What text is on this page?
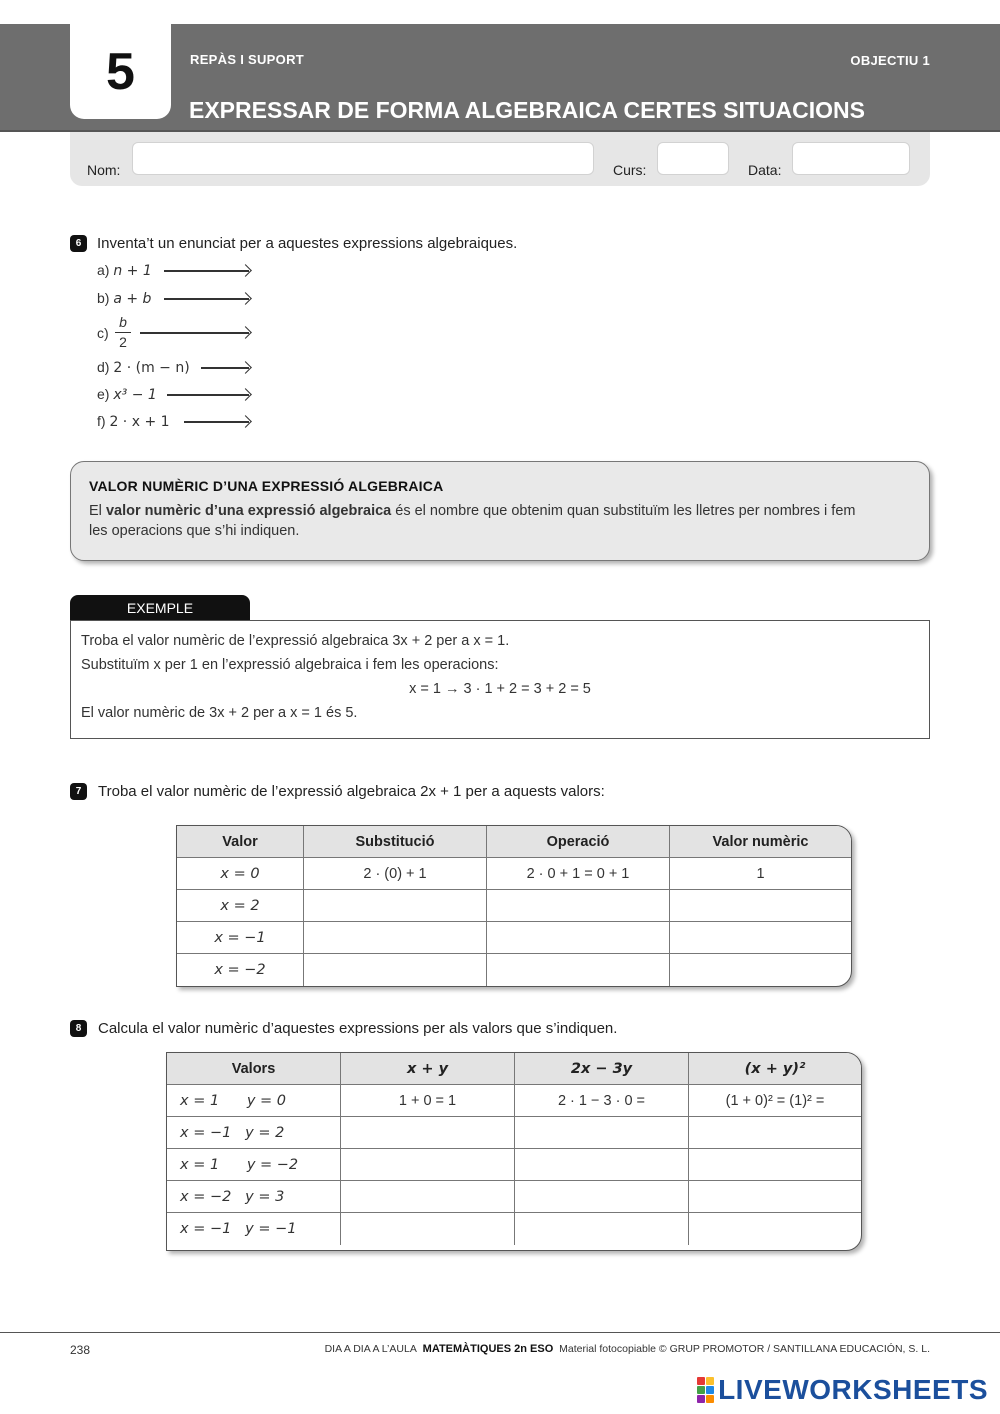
5	REPÀS I SUPORT	OBJECTIU 1
EXPRESSAR DE FORMA ALGEBRAICA CERTES SITUACIONS
Nom:	Curs:	Data:
6	Inventa’t un enunciat per a aquestes expressions algebraiques.
a) n + 1
b) a + b
c)
b
2
d) 2 · (m − n)
e) x³ − 1
f) 2 · x + 1
VALOR NUMÈRIC D’UNA EXPRESSIÓ ALGEBRAICA
El valor numèric d’una expressió algebraica és el nombre que obtenim quan substituïm les lletres per nombres i fem les operacions que s’hi indiquen.
EXEMPLE
Troba el valor numèric de l’expressió algebraica 3x + 2 per a x = 1.
Substituïm x per 1 en l’expressió algebraica i fem les operacions:
x = 1 → 3 · 1 + 2 = 3 + 2 = 5
El valor numèric de 3x + 2 per a x = 1 és 5.
7	Troba el valor numèric de l’expressió algebraica 2x + 1 per a aquests valors:
Valor	Substitució	Operació	Valor numèric
x = 0	2 · (0) + 1	2 · 0 + 1 = 0 + 1	1
x = 2			
x = −1			
x = −2			
8	Calcula el valor numèric d’aquestes expressions per als valors que s’indiquen.
Valors	x + y	2x − 3y	(x + y)²
x = 1      y = 0	1 + 0 = 1	2 · 1 − 3 · 0 =	(1 + 0)² = (1)² =
x = −1   y = 2			
x = 1      y = −2			
x = −2   y = 3			
x = −1   y = −1			
238	DIA A DIA A L’AULA MATEMÀTIQUES 2n ESO Material fotocopiable © GRUP PROMOTOR / SANTILLANA EDUCACIÓN, S. L.
LIVEWORKSHEETS
